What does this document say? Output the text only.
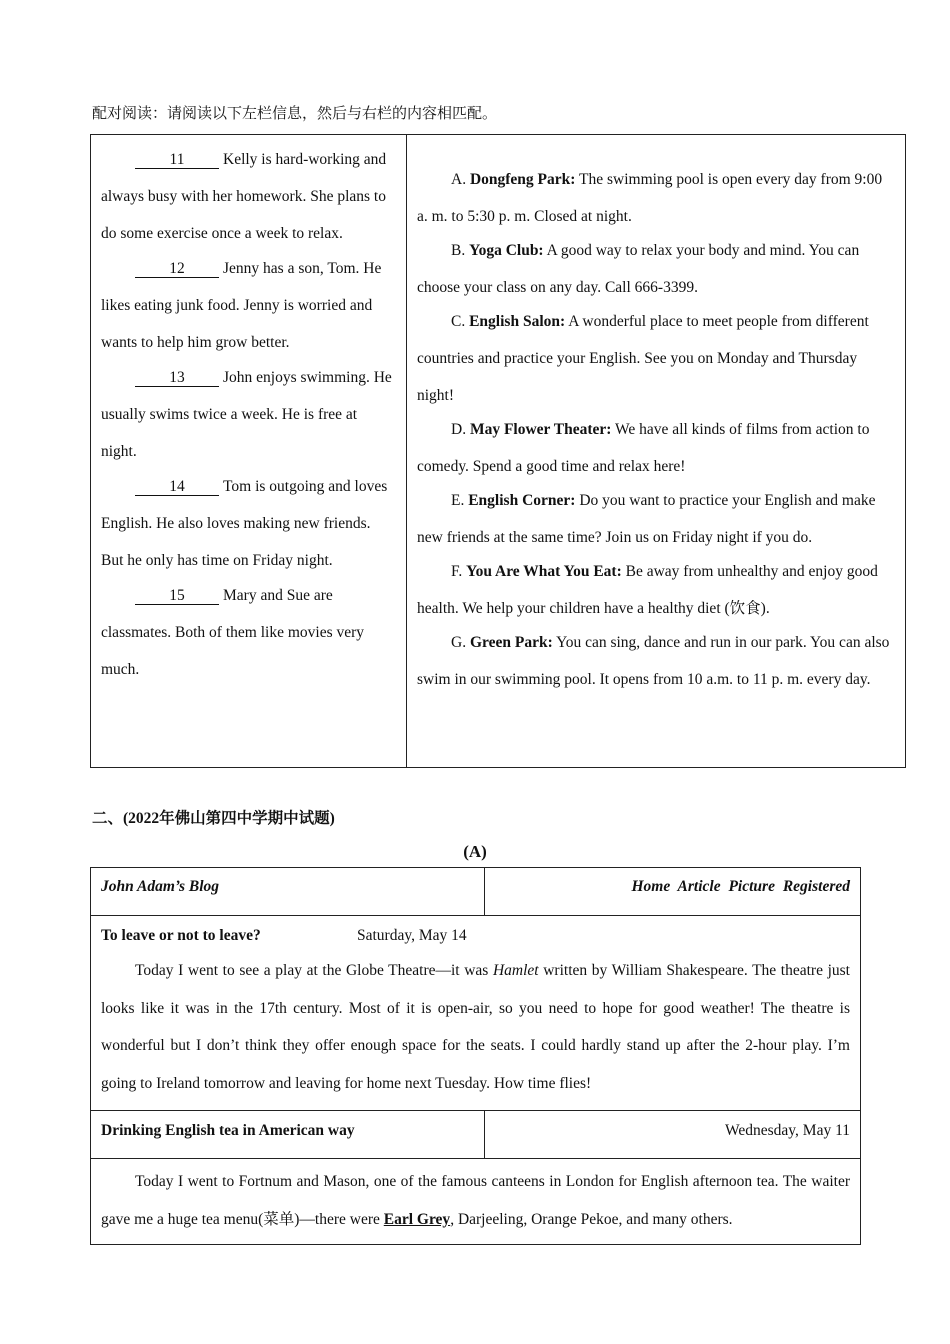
配对阅读：请阅读以下左栏信息，然后与右栏的内容相匹配。
11 Kelly is hard-working and always busy with her homework. She plans to do some exercise once a week to relax.
12 Jenny has a son, Tom. He likes eating junk food. Jenny is worried and wants to help him grow better.
13 John enjoys swimming. He usually swims twice a week. He is free at night.
14 Tom is outgoing and loves English. He also loves making new friends. But he only has time on Friday night.
15 Mary and Sue are classmates. Both of them like movies very much.
A. Dongfeng Park: The swimming pool is open every day from 9:00 a. m. to 5:30 p. m. Closed at night.
B. Yoga Club: A good way to relax your body and mind. You can choose your class on any day. Call 666-3399.
C. English Salon: A wonderful place to meet people from different countries and practice your English. See you on Monday and Thursday night!
D. May Flower Theater: We have all kinds of films from action to comedy. Spend a good time and relax here!
E. English Corner: Do you want to practice your English and make new friends at the same time? Join us on Friday night if you do.
F. You Are What You Eat: Be away from unhealthy and enjoy good health. We help your children have a healthy diet (饮食).
G. Green Park: You can sing, dance and run in our park. You can also swim in our swimming pool. It opens from 10 a.m. to 11 p. m. every day.
二、(2022年佛山第四中学期中试题)
(A)
John Adam’s Blog	Home Article Picture Registered
To leave or not to leave?	Saturday, May 14
Today I went to see a play at the Globe Theatre—it was Hamlet written by William Shakespeare. The theatre just looks like it was in the 17th century. Most of it is open-air, so you need to hope for good weather! The theatre is wonderful but I don’t think they offer enough space for the seats. I could hardly stand up after the 2-hour play. I’m going to Ireland tomorrow and leaving for home next Tuesday. How time flies!
Drinking English tea in American way	Wednesday, May 11
Today I went to Fortnum and Mason, one of the famous canteens in London for English afternoon tea. The waiter gave me a huge tea menu(菜单)—there were Earl Grey, Darjeeling, Orange Pekoe, and many others.
